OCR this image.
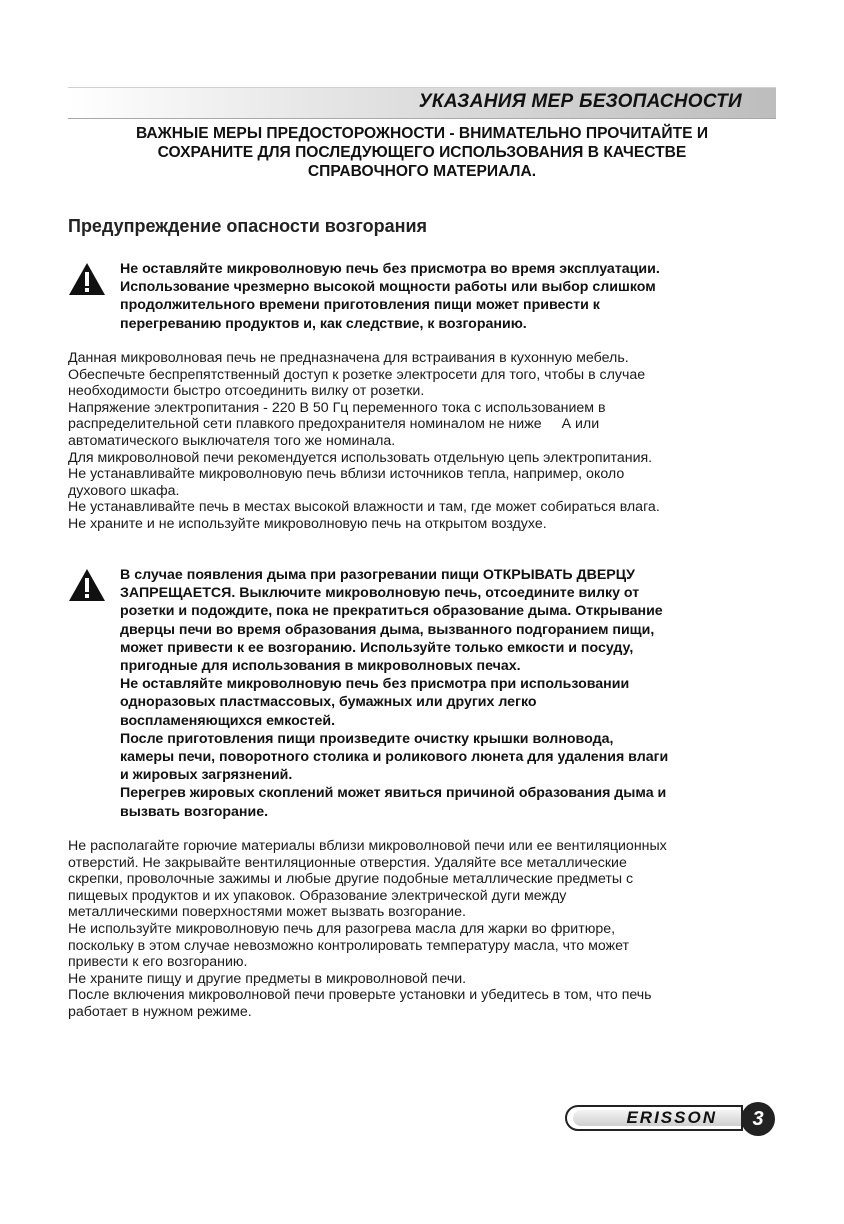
УКАЗАНИЯ МЕР БЕЗОПАСНОСТИ
ВАЖНЫЕ МЕРЫ ПРЕДОСТОРОЖНОСТИ - ВНИМАТЕЛЬНО ПРОЧИТАЙТЕ И
СОХРАНИТЕ ДЛЯ ПОСЛЕДУЮЩЕГО ИСПОЛЬЗОВАНИЯ В КАЧЕСТВЕ
СПРАВОЧНОГО МАТЕРИАЛА.
Предупреждение опасности возгорания
Не оставляйте микроволновую печь без присмотра во время эксплуатации.
Использование чрезмерно высокой мощности работы или выбор слишком
продолжительного времени приготовления пищи может привести к
перегреванию продуктов и, как следствие, к возгоранию.
Данная микроволновая печь не предназначена для встраивания в кухонную мебель.
Обеспечьте беспрепятственный доступ к розетке электросети для того, чтобы в случае
необходимости быстро отсоединить вилку от розетки.
Напряжение электропитания - 220 В 50 Гц переменного тока с использованием в
распределительной сети плавкого предохранителя номиналом не ниже А или
автоматического выключателя того же номинала.
Для микроволновой печи рекомендуется использовать отдельную цепь электропитания.
Не устанавливайте микроволновую печь вблизи источников тепла, например, около
духового шкафа.
Не устанавливайте печь в местах высокой влажности и там, где может собираться влага.
Не храните и не используйте микроволновую печь на открытом воздухе.
В случае появления дыма при разогревании пищи ОТКРЫВАТЬ ДВЕРЦУ
ЗАПРЕЩАЕТСЯ. Выключите микроволновую печь, отсоедините вилку от
розетки и подождите, пока не прекратиться образование дыма. Открывание
дверцы печи во время образования дыма, вызванного подгоранием пищи,
может привести к ее возгоранию. Используйте только емкости и посуду,
пригодные для использования в микроволновых печах.
Не оставляйте микроволновую печь без присмотра при использовании
одноразовых пластмассовых, бумажных или других легко
воспламеняющихся емкостей.
После приготовления пищи произведите очистку крышки волновода,
камеры печи, поворотного столика и роликового люнета для удаления влаги
и жировых загрязнений.
Перегрев жировых скоплений может явиться причиной образования дыма и
вызвать возгорание.
Не располагайте горючие материалы вблизи микроволновой печи или ее вентиляционных
отверстий. Не закрывайте вентиляционные отверстия. Удаляйте все металлические
скрепки, проволочные зажимы и любые другие подобные металлические предметы с
пищевых продуктов и их упаковок. Образование электрической дуги между
металлическими поверхностями может вызвать возгорание.
Не используйте микроволновую печь для разогрева масла для жарки во фритюре,
поскольку в этом случае невозможно контролировать температуру масла, что может
привести к его возгоранию.
Не храните пищу и другие предметы в микроволновой печи.
После включения микроволновой печи проверьте установки и убедитесь в том, что печь
работает в нужном режиме.
ERISSON	3
